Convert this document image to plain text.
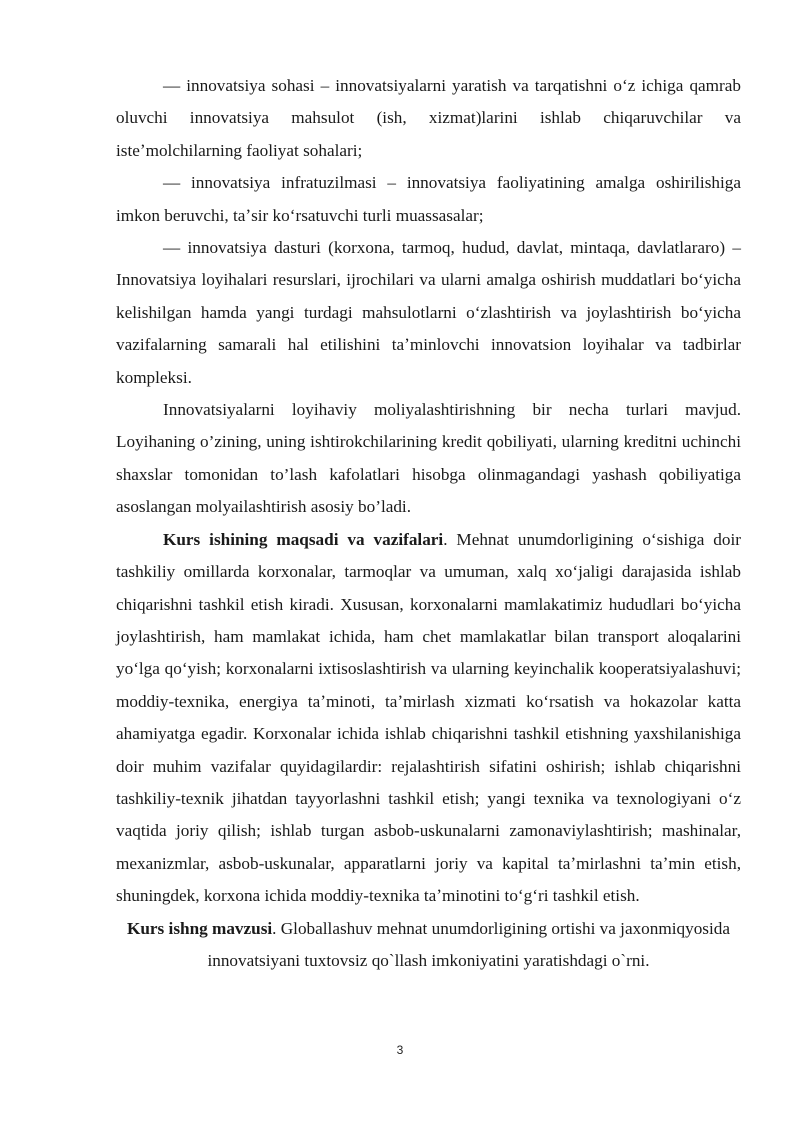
— innovatsiya sohasi – innovatsiyalarni yaratish va tarqatishni oʻz ichiga qamrab oluvchi innovatsiya mahsulot (ish, xizmat)larini ishlab chiqaruvchilar va isteʼmolchilarning faoliyat sohalari;

— innovatsiya infratuzilmasi – innovatsiya faoliyatining amalga oshirilishiga imkon beruvchi, taʼsir koʻrsatuvchi turli muassasalar;

— innovatsiya dasturi (korxona, tarmoq, hudud, davlat, mintaqa, davlatlararo) –Innovatsiya loyihalari resurslari, ijrochilari va ularni amalga oshirish muddatlari boʻyicha kelishilgan hamda yangi turdagi mahsulotlarni oʻzlashtirish va joylashtirish boʻyicha vazifalarning samarali hal etilishini taʼminlovchi innovatsion loyihalar va tadbirlar kompleksi.

Innovatsiyalarni loyihaviy moliyalashtirishning bir necha turlari mavjud. Loyihaning o’zining, uning ishtirokchilarining kredit qobiliyati, ularning kreditni uchinchi shaxslar tomonidan to’lash kafolatlari hisobga olinmagandagi yashash qobiliyatiga asoslangan molyailashtirish asosiy bo’ladi.

Kurs ishining maqsadi va vazifalari. Mehnat unumdorligining oʻsishiga doir tashkiliy omillarda korxonalar, tarmoqlar va umuman, xalq xoʻjaligi darajasida ishlab chiqarishni tashkil etish kiradi. Xususan, korxonalarni mamlakatimiz hududlari boʻyicha joylashtirish, ham mamlakat ichida, ham chet mamlakatlar bilan transport aloqalarini yoʻlga qoʻyish; korxonalarni ixtisoslashtirish va ularning keyinchalik kooperatsiyalashuvi; moddiy-texnika, energiya taʼminoti, taʼmirlash xizmati koʻrsatish va hokazolar katta ahamiyatga egadir. Korxonalar ichida ishlab chiqarishni tashkil etishning yaxshilanishiga doir muhim vazifalar quyidagilardir: rejalashtirish sifatini oshirish; ishlab chiqarishni tashkiliy-texnik jihatdan tayyorlashni tashkil etish; yangi texnika va texnologiyani oʻz vaqtida joriy qilish; ishlab turgan asbob-uskunalarni zamonaviylashtirish; mashinalar, mexanizmlar, asbob-uskunalar, apparatlarni joriy va kapital taʼmirlashni taʼmin etish, shuningdek, korxona ichida moddiy-texnika taʼminotini toʻgʻri tashkil etish.

Kurs ishng mavzusi. Globallashuv mehnat unumdorligining ortishi va jaxonmiqyosida innovatsiyani tuxtovsiz qo`llash imkoniyatini yaratishdagi o`rni.

3
